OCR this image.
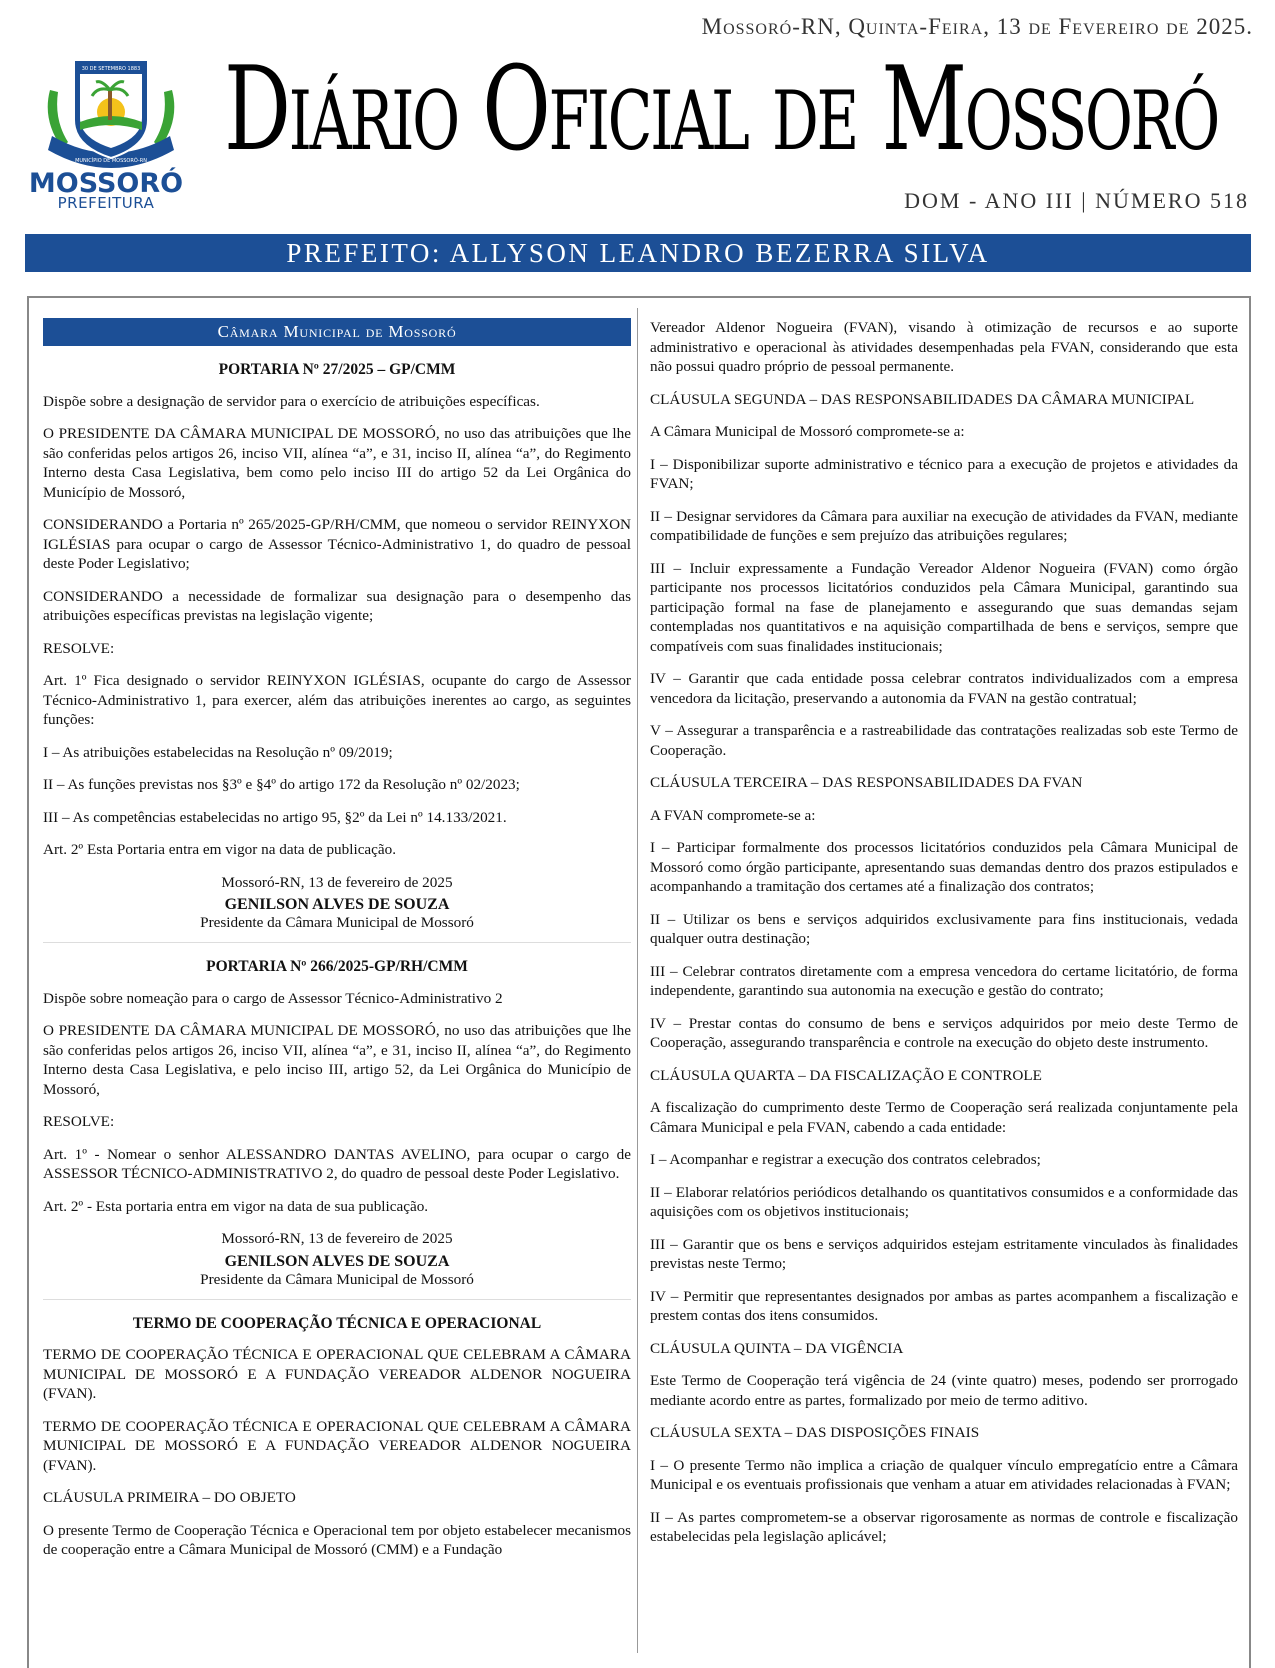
Mossoró-RN, Quinta-Feira, 13 de Fevereiro de 2025.
30 DE SETEMBRO 1883
MUNICÍPIO DE MOSSORÓ-RN
MOSSORÓ
PREFEITURA
Diário Oficial de Mossoró
DOM - ANO III | NÚMERO 518
PREFEITO: ALLYSON LEANDRO BEZERRA SILVA
Câmara Municipal de Mossoró
PORTARIA Nº 27/2025 – GP/CMM

Dispõe sobre a designação de servidor para o exercício de atribuições específicas.

O PRESIDENTE DA CÂMARA MUNICIPAL DE MOSSORÓ, no uso das atribuições que lhe são conferidas pelos artigos 26, inciso VII, alínea “a”, e 31, inciso II, alínea “a”, do Regimento Interno desta Casa Legislativa, bem como pelo inciso III do artigo 52 da Lei Orgânica do Município de Mossoró,

CONSIDERANDO a Portaria nº 265/2025-GP/RH/CMM, que nomeou o servidor REINYXON IGLÉSIAS para ocupar o cargo de Assessor Técnico-Administrativo 1, do quadro de pessoal deste Poder Legislativo;

CONSIDERANDO a necessidade de formalizar sua designação para o desempenho das atribuições específicas previstas na legislação vigente;

RESOLVE:

Art. 1º Fica designado o servidor REINYXON IGLÉSIAS, ocupante do cargo de Assessor Técnico-Administrativo 1, para exercer, além das atribuições inerentes ao cargo, as seguintes funções:

I – As atribuições estabelecidas na Resolução nº 09/2019;

II – As funções previstas nos §3º e §4º do artigo 172 da Resolução nº 02/2023;

III – As competências estabelecidas no artigo 95, §2º da Lei nº 14.133/2021.

Art. 2º Esta Portaria entra em vigor na data de publicação.

Mossoró-RN, 13 de fevereiro de 2025

GENILSON ALVES DE SOUZA
Presidente da Câmara Municipal de Mossoró
PORTARIA Nº 266/2025-GP/RH/CMM

Dispõe sobre nomeação para o cargo de Assessor Técnico-Administrativo 2

O PRESIDENTE DA CÂMARA MUNICIPAL DE MOSSORÓ, no uso das atribuições que lhe são conferidas pelos artigos 26, inciso VII, alínea “a”, e 31, inciso II, alínea “a”, do Regimento Interno desta Casa Legislativa, e pelo inciso III, artigo 52, da Lei Orgânica do Município de Mossoró,

RESOLVE:

Art. 1º - Nomear o senhor ALESSANDRO DANTAS AVELINO, para ocupar o cargo de ASSESSOR TÉCNICO-ADMINISTRATIVO 2, do quadro de pessoal deste Poder Legislativo.

Art. 2º - Esta portaria entra em vigor na data de sua publicação.

Mossoró-RN, 13 de fevereiro de 2025

GENILSON ALVES DE SOUZA
Presidente da Câmara Municipal de Mossoró
TERMO DE COOPERAÇÃO TÉCNICA E OPERACIONAL

TERMO DE COOPERAÇÃO TÉCNICA E OPERACIONAL QUE CELEBRAM A CÂMARA MUNICIPAL DE MOSSORÓ E A FUNDAÇÃO VEREADOR ALDENOR NOGUEIRA (FVAN).

TERMO DE COOPERAÇÃO TÉCNICA E OPERACIONAL QUE CELEBRAM A CÂMARA MUNICIPAL DE MOSSORÓ E A FUNDAÇÃO VEREADOR ALDENOR NOGUEIRA (FVAN).

CLÁUSULA PRIMEIRA – DO OBJETO

O presente Termo de Cooperação Técnica e Operacional tem por objeto estabelecer mecanismos de cooperação entre a Câmara Municipal de Mossoró (CMM) e a Fundação

Vereador Aldenor Nogueira (FVAN), visando à otimização de recursos e ao suporte administrativo e operacional às atividades desempenhadas pela FVAN, considerando que esta não possui quadro próprio de pessoal permanente.

CLÁUSULA SEGUNDA – DAS RESPONSABILIDADES DA CÂMARA MUNICIPAL

A Câmara Municipal de Mossoró compromete-se a:

I – Disponibilizar suporte administrativo e técnico para a execução de projetos e atividades da FVAN;

II – Designar servidores da Câmara para auxiliar na execução de atividades da FVAN, mediante compatibilidade de funções e sem prejuízo das atribuições regulares;

III – Incluir expressamente a Fundação Vereador Aldenor Nogueira (FVAN) como órgão participante nos processos licitatórios conduzidos pela Câmara Municipal, garantindo sua participação formal na fase de planejamento e assegurando que suas demandas sejam contempladas nos quantitativos e na aquisição compartilhada de bens e serviços, sempre que compatíveis com suas finalidades institucionais;

IV – Garantir que cada entidade possa celebrar contratos individualizados com a empresa vencedora da licitação, preservando a autonomia da FVAN na gestão contratual;

V – Assegurar a transparência e a rastreabilidade das contratações realizadas sob este Termo de Cooperação.

CLÁUSULA TERCEIRA – DAS RESPONSABILIDADES DA FVAN

A FVAN compromete-se a:

I – Participar formalmente dos processos licitatórios conduzidos pela Câmara Municipal de Mossoró como órgão participante, apresentando suas demandas dentro dos prazos estipulados e acompanhando a tramitação dos certames até a finalização dos contratos;

II – Utilizar os bens e serviços adquiridos exclusivamente para fins institucionais, vedada qualquer outra destinação;

III – Celebrar contratos diretamente com a empresa vencedora do certame licitatório, de forma independente, garantindo sua autonomia na execução e gestão do contrato;

IV – Prestar contas do consumo de bens e serviços adquiridos por meio deste Termo de Cooperação, assegurando transparência e controle na execução do objeto deste instrumento.

CLÁUSULA QUARTA – DA FISCALIZAÇÃO E CONTROLE

A fiscalização do cumprimento deste Termo de Cooperação será realizada conjuntamente pela Câmara Municipal e pela FVAN, cabendo a cada entidade:

I – Acompanhar e registrar a execução dos contratos celebrados;

II – Elaborar relatórios periódicos detalhando os quantitativos consumidos e a conformidade das aquisições com os objetivos institucionais;

III – Garantir que os bens e serviços adquiridos estejam estritamente vinculados às finalidades previstas neste Termo;

IV – Permitir que representantes designados por ambas as partes acompanhem a fiscalização e prestem contas dos itens consumidos.

CLÁUSULA QUINTA – DA VIGÊNCIA

Este Termo de Cooperação terá vigência de 24 (vinte quatro) meses, podendo ser prorrogado mediante acordo entre as partes, formalizado por meio de termo aditivo.

CLÁUSULA SEXTA – DAS DISPOSIÇÕES FINAIS

I – O presente Termo não implica a criação de qualquer vínculo empregatício entre a Câmara Municipal e os eventuais profissionais que venham a atuar em atividades relacionadas à FVAN;

II – As partes comprometem-se a observar rigorosamente as normas de controle e fiscalização estabelecidas pela legislação aplicável;
